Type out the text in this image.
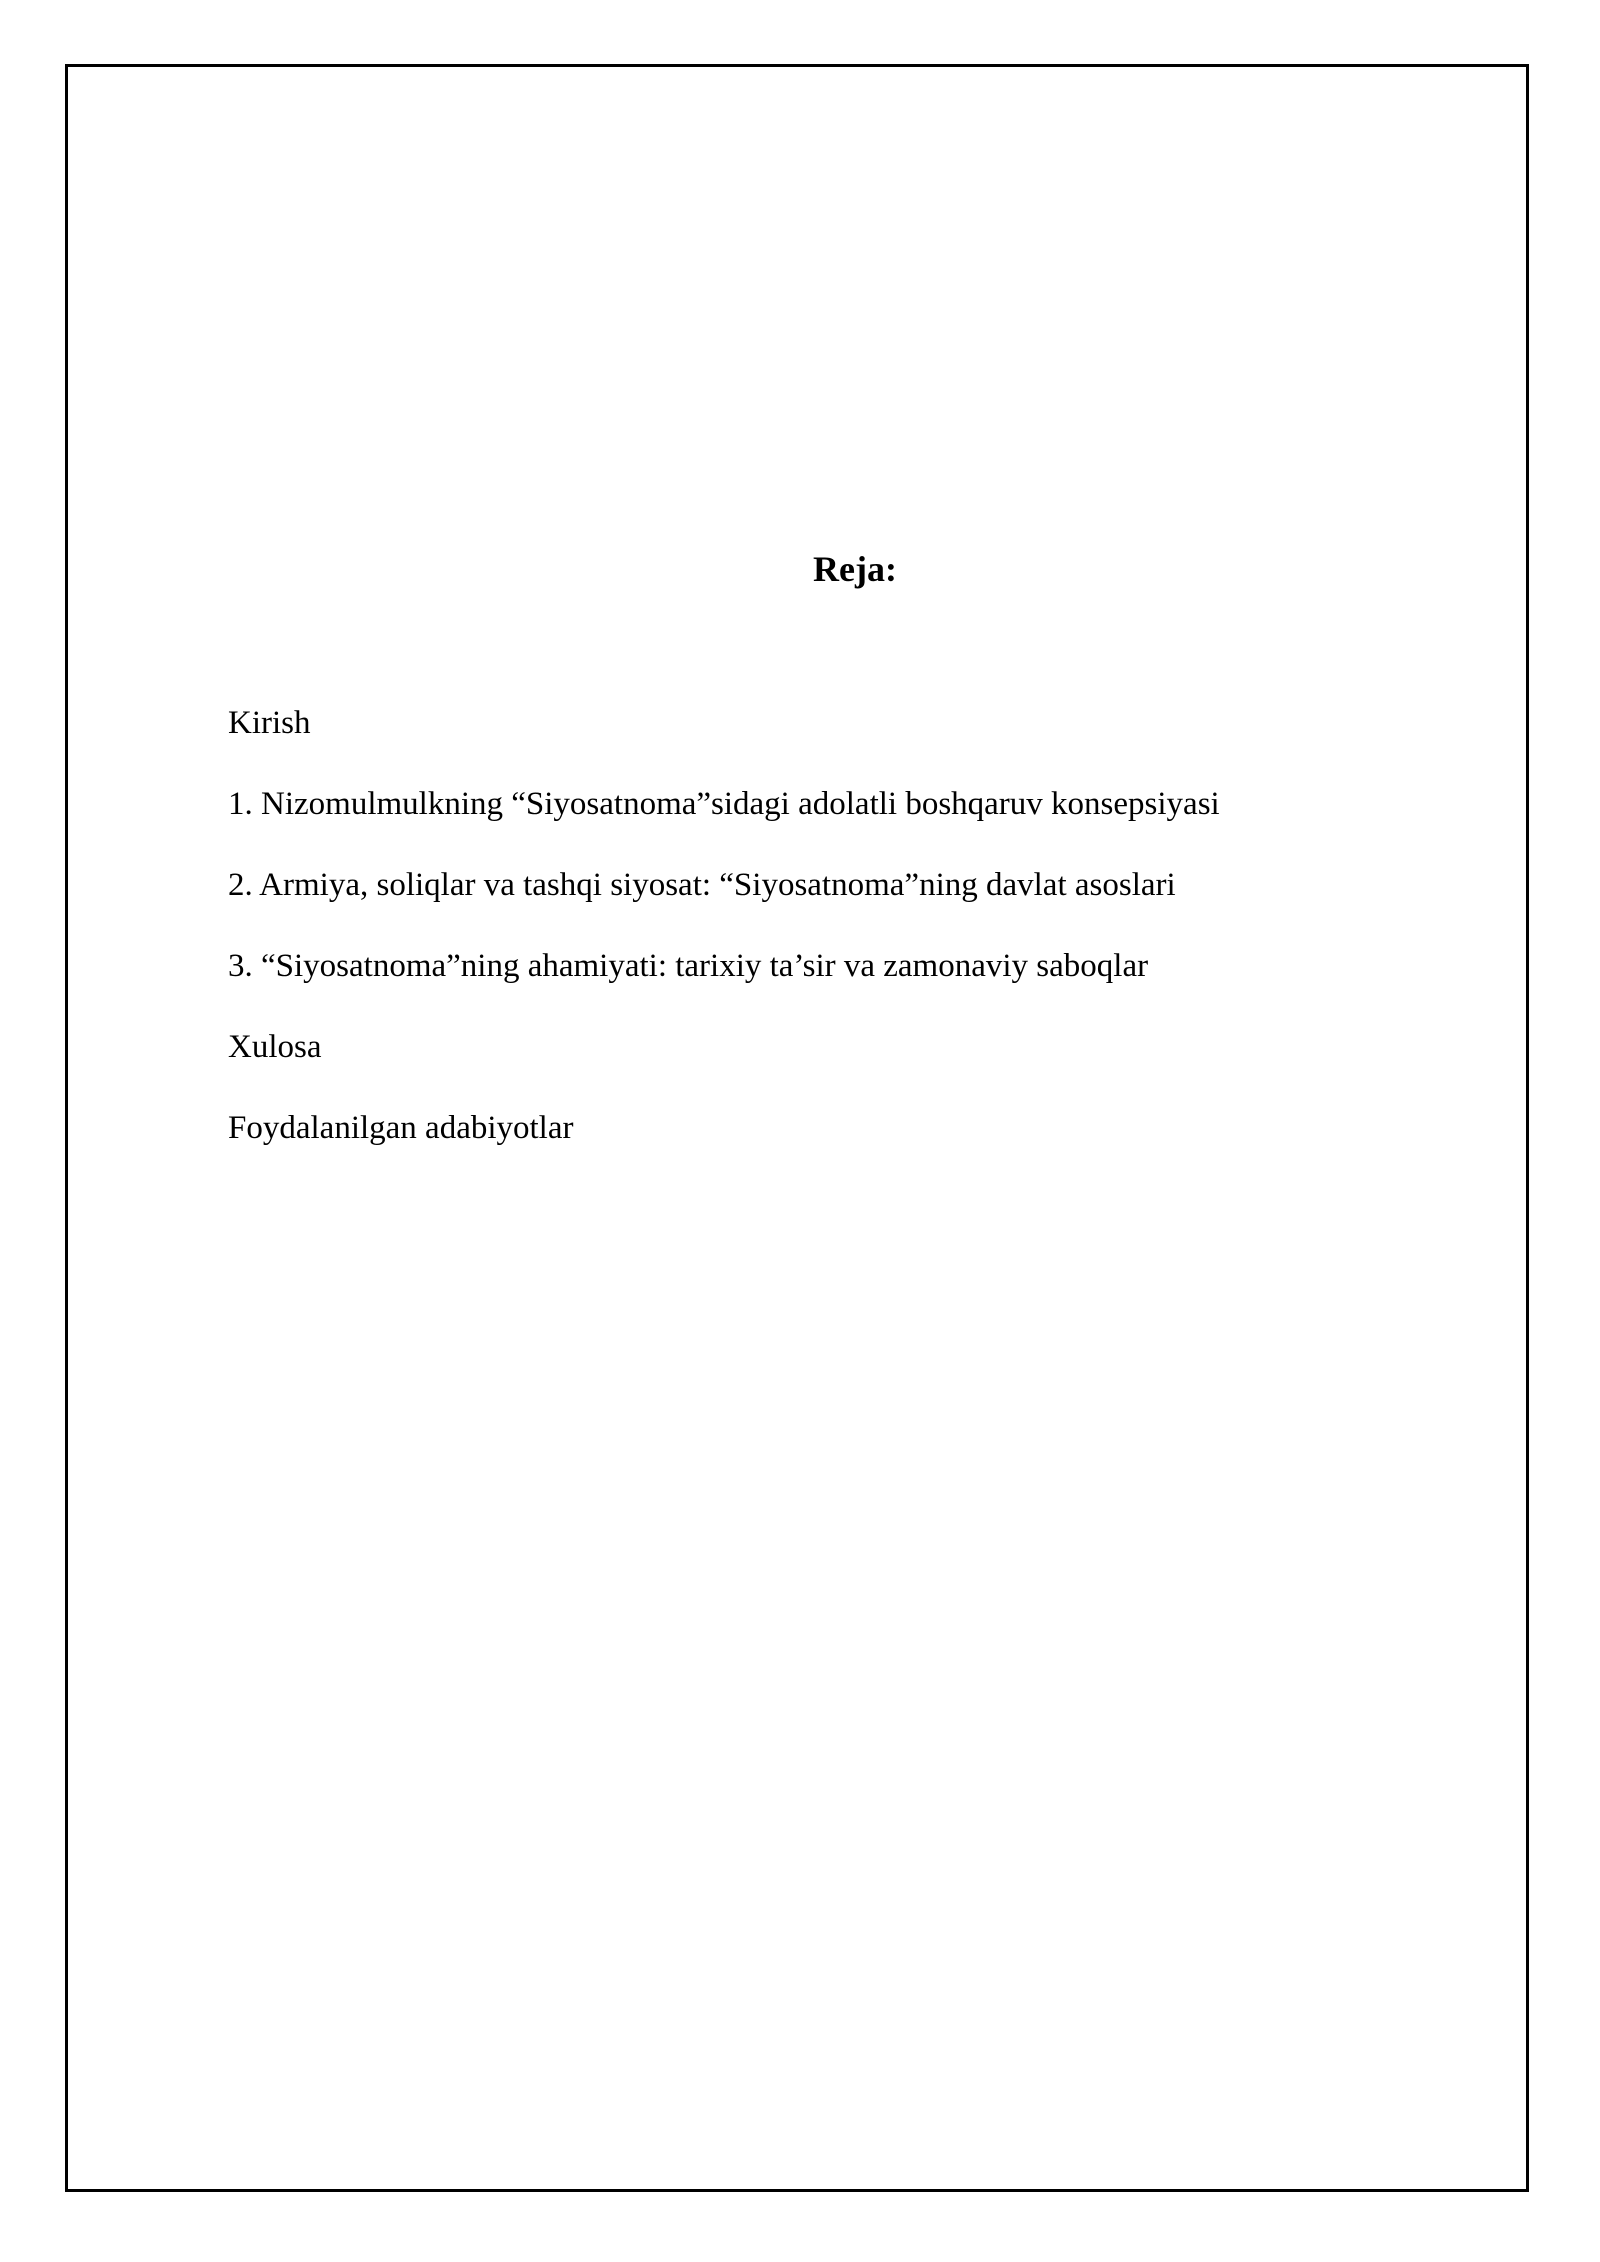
Reja:
Kirish
1. Nizomulmulkning “Siyosatnoma”sidagi adolatli boshqaruv konsepsiyasi
2. Armiya, soliqlar va tashqi siyosat: “Siyosatnoma”ning davlat asoslari
3. “Siyosatnoma”ning ahamiyati: tarixiy ta’sir va zamonaviy saboqlar
Xulosa
Foydalanilgan adabiyotlar
